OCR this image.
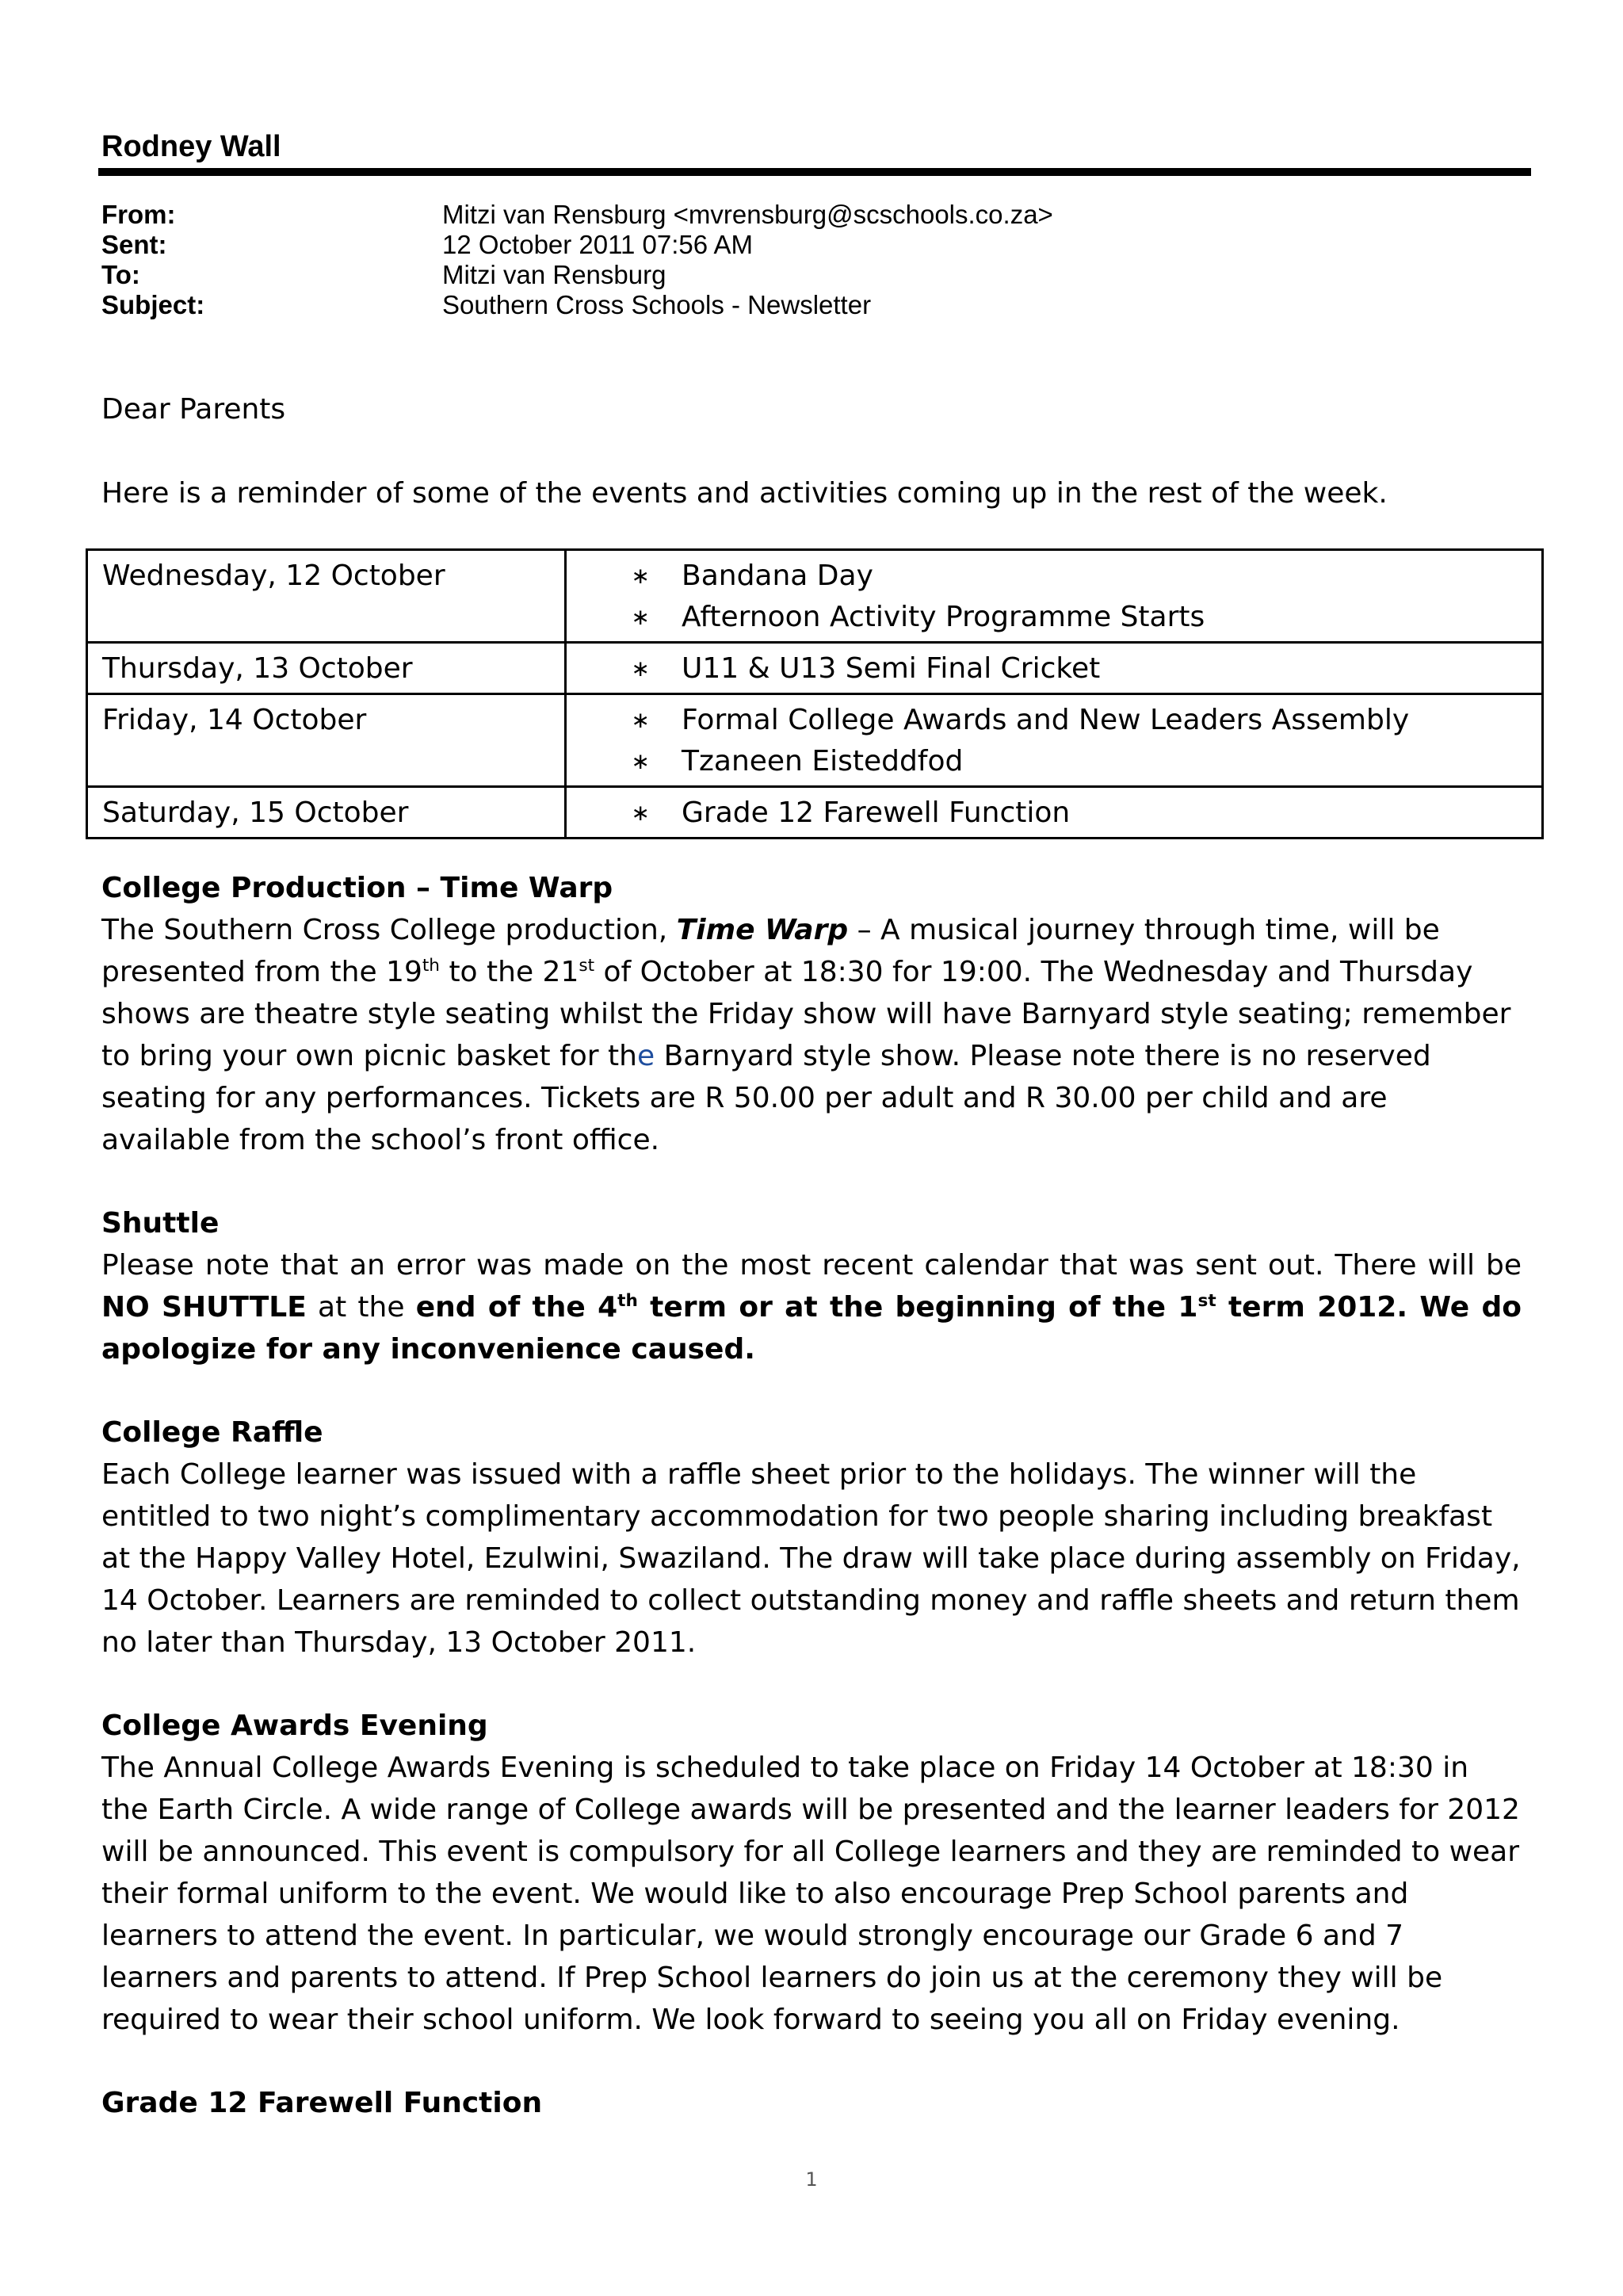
Rodney Wall
From:	Mitzi van Rensburg <mvrensburg@scschools.co.za>
Sent:	12 October 2011 07:56 AM
To:	Mitzi van Rensburg
Subject:	Southern Cross Schools - Newsletter
Dear Parents
Here is a reminder of some of the events and activities coming up in the rest of the week.
Wednesday, 12 October	∗ Bandana Day
∗ Afternoon Activity Programme Starts

Thursday, 13 October	∗ U11 & U13 Semi Final Cricket

Friday, 14 October	∗ Formal College Awards and New Leaders Assembly
∗ Tzaneen Eisteddfod

Saturday, 15 October	∗ Grade 12 Farewell Function
College Production – Time Warp

The Southern Cross College production, Time Warp – A musical journey through time, will be presented from the 19th to the 21st of October at 18:30 for 19:00. The Wednesday and Thursday shows are theatre style seating whilst the Friday show will have Barnyard style seating; remember to bring your own picnic basket for the Barnyard style show. Please note there is no reserved seating for any performances. Tickets are R 50.00 per adult and R 30.00 per child and are available from the school’s front office.

Shuttle

Please note that an error was made on the most recent calendar that was sent out. There will be NO SHUTTLE at the end of the 4th term or at the beginning of the 1st term 2012. We do apologize for any inconvenience caused.

College Raffle

Each College learner was issued with a raffle sheet prior to the holidays. The winner will the entitled to two night’s complimentary accommodation for two people sharing including breakfast at the Happy Valley Hotel, Ezulwini, Swaziland. The draw will take place during assembly on Friday, 14 October. Learners are reminded to collect outstanding money and raffle sheets and return them no later than Thursday, 13 October 2011.

College Awards Evening

The Annual College Awards Evening is scheduled to take place on Friday 14 October at 18:30 in the Earth Circle. A wide range of College awards will be presented and the learner leaders for 2012 will be announced. This event is compulsory for all College learners and they are reminded to wear their formal uniform to the event. We would like to also encourage Prep School parents and learners to attend the event. In particular, we would strongly encourage our Grade 6 and 7 learners and parents to attend. If Prep School learners do join us at the ceremony they will be required to wear their school uniform. We look forward to seeing you all on Friday evening.

Grade 12 Farewell Function
1
